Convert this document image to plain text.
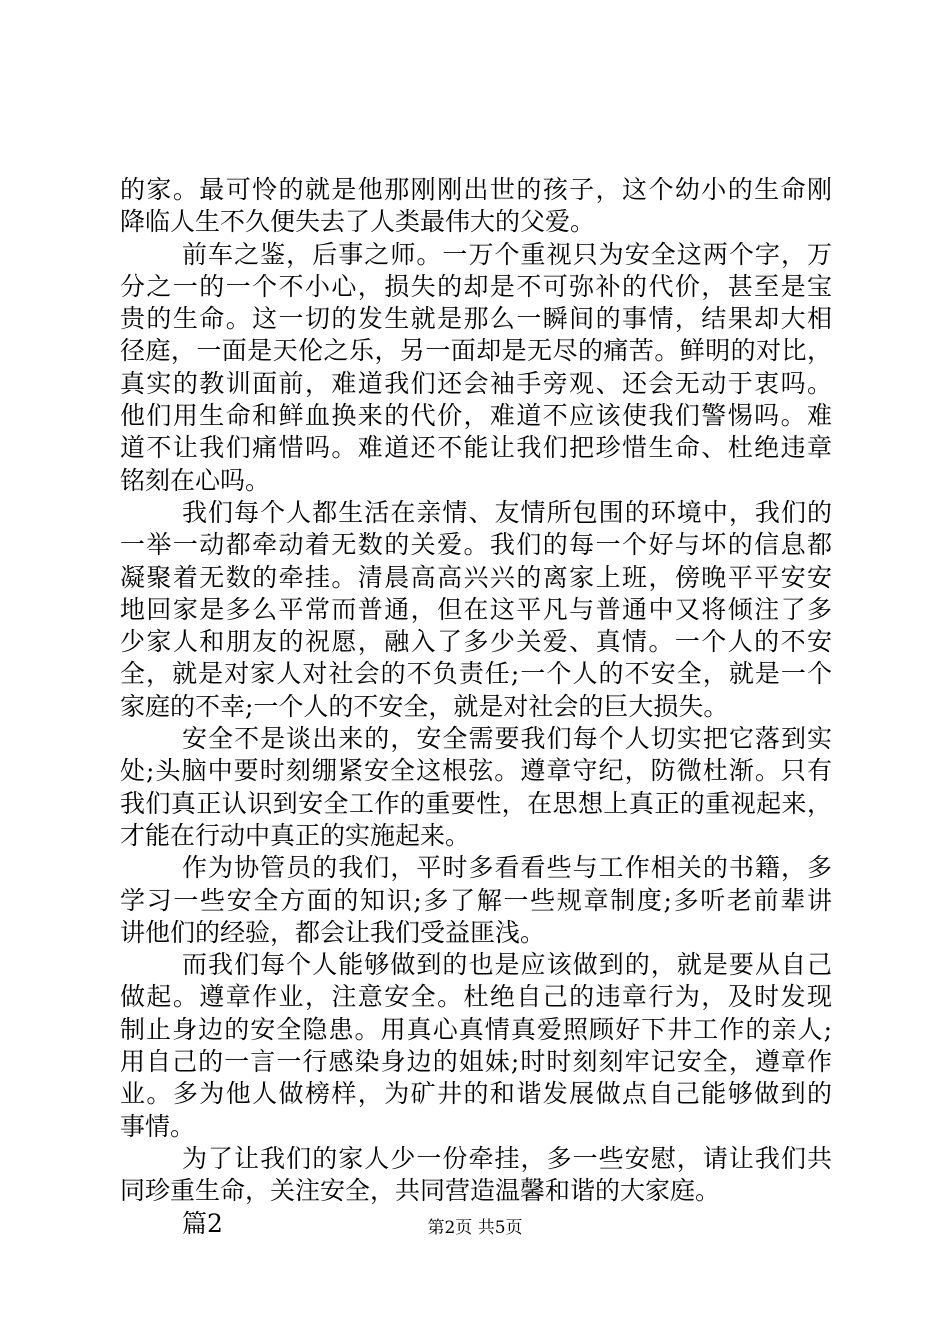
的家。最可怜的就是他那刚刚出世的孩子，这个幼小的生命刚
降临人生不久便失去了人类最伟大的父爱。
前车之鉴，后事之师。一万个重视只为安全这两个字，万
分之一的一个不小心，损失的却是不可弥补的代价，甚至是宝
贵的生命。这一切的发生就是那么一瞬间的事情，结果却大相
径庭，一面是天伦之乐，另一面却是无尽的痛苦。鲜明的对比，
真实的教训面前，难道我们还会袖手旁观、还会无动于衷吗。
他们用生命和鲜血换来的代价，难道不应该使我们警惕吗。难
道不让我们痛惜吗。难道还不能让我们把珍惜生命、杜绝违章
铭刻在心吗。
我们每个人都生活在亲情、友情所包围的环境中，我们的
一举一动都牵动着无数的关爱。我们的每一个好与坏的信息都
凝聚着无数的牵挂。清晨高高兴兴的离家上班，傍晚平平安安
地回家是多么平常而普通，但在这平凡与普通中又将倾注了多
少家人和朋友的祝愿，融入了多少关爱、真情。一个人的不安
全，就是对家人对社会的不负责任;一个人的不安全，就是一个
家庭的不幸;一个人的不安全，就是对社会的巨大损失。
安全不是谈出来的，安全需要我们每个人切实把它落到实
处;头脑中要时刻绷紧安全这根弦。遵章守纪，防微杜渐。只有
我们真正认识到安全工作的重要性，在思想上真正的重视起来，
才能在行动中真正的实施起来。
作为协管员的我们，平时多看看些与工作相关的书籍，多
学习一些安全方面的知识;多了解一些规章制度;多听老前辈讲
讲他们的经验，都会让我们受益匪浅。
而我们每个人能够做到的也是应该做到的，就是要从自己
做起。遵章作业，注意安全。杜绝自己的违章行为，及时发现
制止身边的安全隐患。用真心真情真爱照顾好下井工作的亲人;
用自己的一言一行感染身边的姐妹;时时刻刻牢记安全，遵章作
业。多为他人做榜样，为矿井的和谐发展做点自己能够做到的
事情。
为了让我们的家人少一份牵挂，多一些安慰，请让我们共
同珍重生命，关注安全，共同营造温馨和谐的大家庭。
篇2	第2页 共5页
